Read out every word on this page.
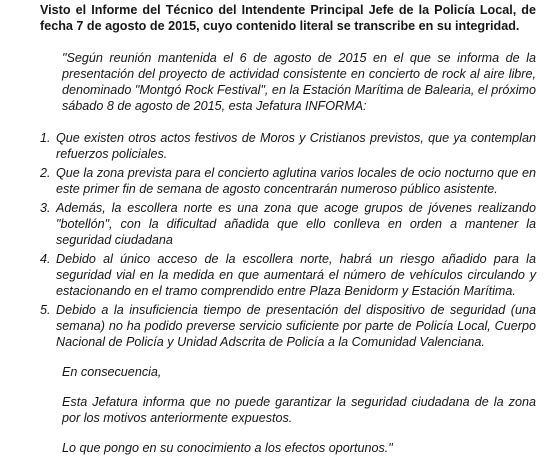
Visto el Informe del Técnico del Intendente Principal Jefe de la Policía Local, de fecha 7 de agosto de 2015, cuyo contenido literal se transcribe en su integridad.

"Según reunión mantenida el 6 de agosto de 2015 en el que se informa de la presentación del proyecto de actividad consistente en concierto de rock al aire libre, denominado "Montgó Rock Festival", en la Estación Marítima de Balearia, el próximo sábado 8 de agosto de 2015, esta Jefatura INFORMA:

1. Que existen otros actos festivos de Moros y Cristianos previstos, que ya contemplan refuerzos policiales.
2. Que la zona prevista para el concierto aglutina varios locales de ocio nocturno que en este primer fin de semana de agosto concentrarán numeroso público asistente.
3. Además, la escollera norte es una zona que acoge grupos de jóvenes realizando "botellón", con la dificultad añadida que ello conlleva en orden a mantener la seguridad ciudadana
4. Debido al único acceso de la escollera norte, habrá un riesgo añadido para la seguridad vial en la medida en que aumentará el número de vehículos circulando y estacionando en el tramo comprendido entre Plaza Benidorm y Estación Marítima.
5. Debido a la insuficiencia tiempo de presentación del dispositivo de seguridad (una semana) no ha podido preverse servicio suficiente por parte de Policía Local, Cuerpo Nacional de Policía y Unidad Adscrita de Policía a la Comunidad Valenciana.

En consecuencia,

Esta Jefatura informa que no puede garantizar la seguridad ciudadana de la zona por los motivos anteriormente expuestos.

Lo que pongo en su conocimiento a los efectos oportunos."
